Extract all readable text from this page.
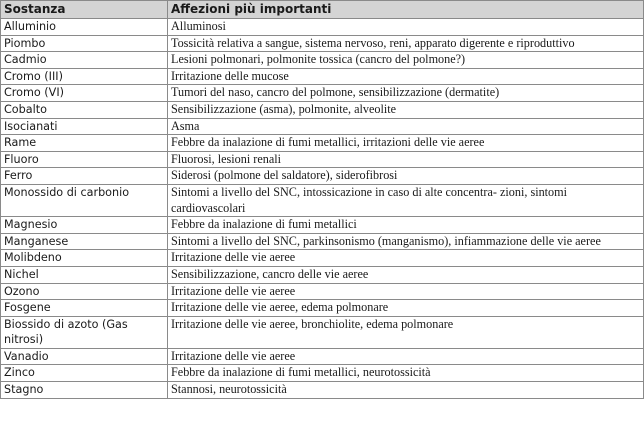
Sostanza	Affezioni più importanti
Alluminio	Alluminosi
Piombo	Tossicità relativa a sangue, sistema nervoso, reni, apparato digerente e riproduttivo
Cadmio	Lesioni polmonari, polmonite tossica (cancro del polmone?)
Cromo (III)	Irritazione delle mucose
Cromo (VI)	Tumori del naso, cancro del polmone, sensibilizzazione (dermatite)
Cobalto	Sensibilizzazione (asma), polmonite, alveolite
Isocianati	Asma
Rame	Febbre da inalazione di fumi metallici, irritazioni delle vie aeree
Fluoro	Fluorosi, lesioni renali
Ferro	Siderosi (polmone del saldatore), siderofibrosi
Monossido di carbonio	Sintomi a livello del SNC, intossicazione in caso di alte concentra- zioni, sintomi cardiovascolari
Magnesio	Febbre da inalazione di fumi metallici
Manganese	Sintomi a livello del SNC, parkinsonismo (manganismo), infiammazione delle vie aeree
Molibdeno	Irritazione delle vie aeree
Nichel	Sensibilizzazione, cancro delle vie aeree
Ozono	Irritazione delle vie aeree
Fosgene	Irritazione delle vie aeree, edema polmonare
Biossido di azoto (Gas nitrosi)	Irritazione delle vie aeree, bronchiolite, edema polmonare
Vanadio	Irritazione delle vie aeree
Zinco	Febbre da inalazione di fumi metallici, neurotossicità
Stagno	Stannosi, neurotossicità
